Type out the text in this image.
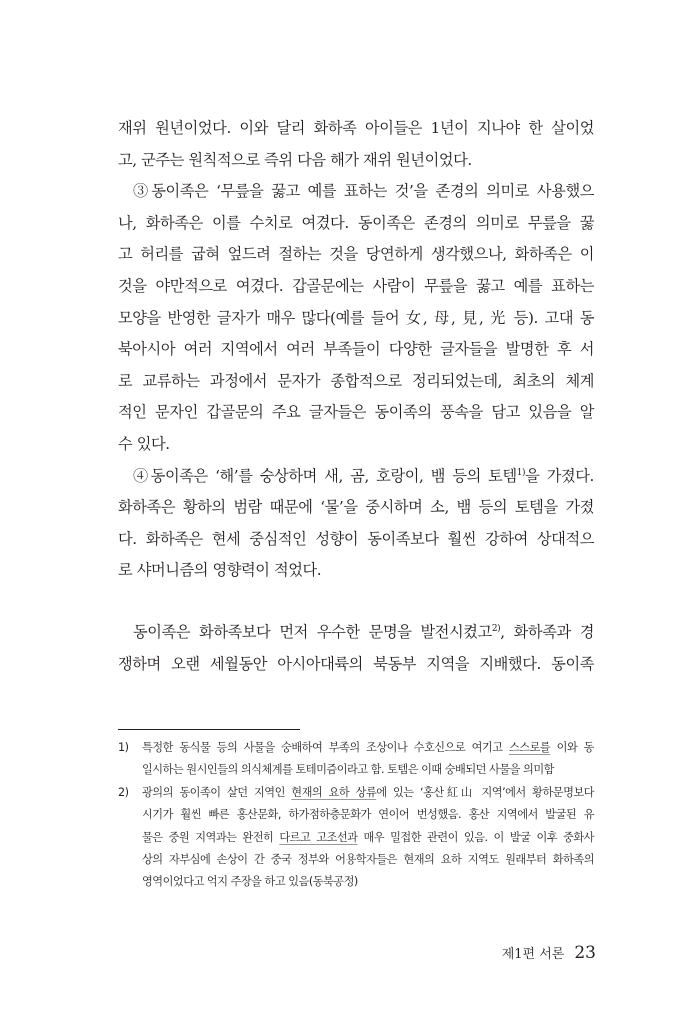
재위 원년이었다. 이와 달리 화하족 아이들은 1년이 지나야 한 살이었
고, 군주는 원칙적으로 즉위 다음 해가 재위 원년이었다.
③동이족은 ‘무릎을 꿇고 예를 표하는 것’을 존경의 의미로 사용했으
나, 화하족은 이를 수치로 여겼다. 동이족은 존경의 의미로 무릎을 꿇
고 허리를 굽혀 엎드려 절하는 것을 당연하게 생각했으나, 화하족은 이
것을 야만적으로 여겼다. 갑골문에는 사람이 무릎을 꿇고 예를 표하는
모양을 반영한 글자가 매우 많다(예를 들어 女, 母, 見, 光 등). 고대 동
북아시아 여러 지역에서 여러 부족들이 다양한 글자들을 발명한 후 서
로 교류하는 과정에서 문자가 종합적으로 정리되었는데, 최초의 체계
적인 문자인 갑골문의 주요 글자들은 동이족의 풍속을 담고 있음을 알
수 있다.
④동이족은 ‘해’를 숭상하며 새, 곰, 호랑이, 뱀 등의 토템$^{1)}$을 가졌다.
화하족은 황하의 범람 때문에 ‘물’을 중시하며 소, 뱀 등의 토템을 가졌
다. 화하족은 현세 중심적인 성향이 동이족보다 훨씬 강하여 상대적으
로 샤머니즘의 영향력이 적었다.
동이족은 화하족보다 먼저 우수한 문명을 발전시켰고$^{2)}$, 화하족과 경
쟁하며 오랜 세월동안 아시아대륙의 북동부 지역을 지배했다. 동이족
1) 특정한 동식물 등의 사물을 숭배하여 부족의 조상이나 수호신으로 여기고 스스로를 이와 동
일시하는 원시인들의 의식체계를 토테미즘이라고 함. 토템은 이때 숭배되던 사물을 의미함
2) 광의의 동이족이 살던 지역인 현재의 요하 상류에 있는 ‘홍산紅山 지역’에서 황하문명보다
시기가 훨씬 빠른 홍산문화, 하가점하층문화가 연이어 번성했음. 홍산 지역에서 발굴된 유
물은 중원 지역과는 완전히 다르고 고조선과 매우 밀접한 관련이 있음. 이 발굴 이후 중화사
상의 자부심에 손상이 간 중국 정부와 어용학자들은 현재의 요하 지역도 원래부터 화하족의
영역이었다고 억지 주장을 하고 있음(동북공정)
제1편 서론 23
